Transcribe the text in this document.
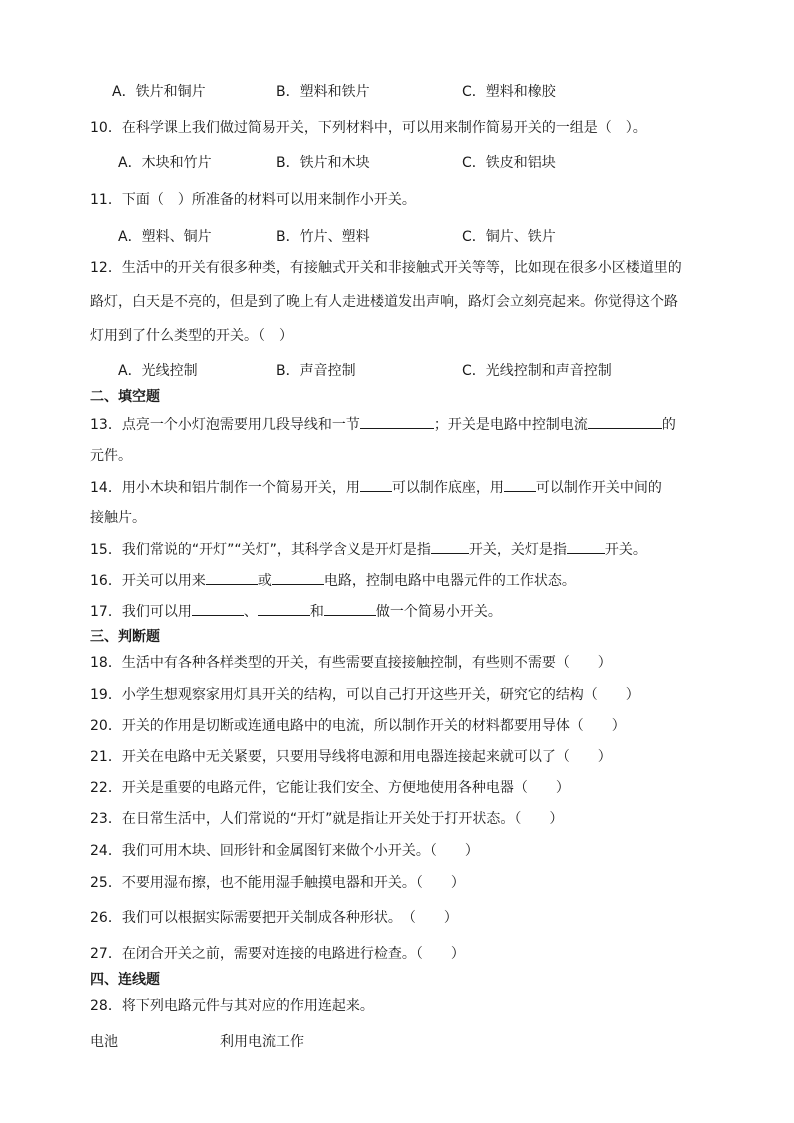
A．铁片和铜片	B．塑料和铁片	C．塑料和橡胶
10．在科学课上我们做过简易开关，下列材料中，可以用来制作简易开关的一组是（　）。
A．木块和竹片	B．铁片和木块	C．铁皮和铝块
11．下面（　）所准备的材料可以用来制作小开关。
A．塑料、铜片	B．竹片、塑料	C．铜片、铁片
12．生活中的开关有很多种类，有接触式开关和非接触式开关等等，比如现在很多小区楼道里的
路灯，白天是不亮的，但是到了晚上有人走进楼道发出声响，路灯会立刻亮起来。你觉得这个路
灯用到了什么类型的开关。（　）
A．光线控制	B．声音控制	C．光线控制和声音控制
二、填空题
13．点亮一个小灯泡需要用几段导线和一节	；开关是电路中控制电流	的
元件。
14．用小木块和铝片制作一个简易开关，用 可以制作底座，用 可以制作开关中间的
接触片。
15．我们常说的“开灯”“关灯”，其科学含义是开灯是指	开关，关灯是指	开关。
16．开关可以用来	或	电路，控制电路中电器元件的工作状态。
17．我们可以用	、	和	做一个简易小开关。
三、判断题
18．生活中有各种各样类型的开关，有些需要直接接触控制，有些则不需要（　　）
19．小学生想观察家用灯具开关的结构，可以自己打开这些开关，研究它的结构（　　）
20．开关的作用是切断或连通电路中的电流，所以制作开关的材料都要用导体（　　）
21．开关在电路中无关紧要，只要用导线将电源和用电器连接起来就可以了（　　）
22．开关是重要的电路元件，它能让我们安全、方便地使用各种电器（　　）
23．在日常生活中，人们常说的“开灯”就是指让开关处于打开状态。（　　）
24．我们可用木块、回形针和金属图钉来做个小开关。（　　）
25．不要用湿布擦，也不能用湿手触摸电器和开关。（　　）
26．我们可以根据实际需要把开关制成各种形状。　（　　）
27．在闭合开关之前，需要对连接的电路进行检查。（　　）
四、连线题
28．将下列电路元件与其对应的作用连起来。
电池	利用电流工作
